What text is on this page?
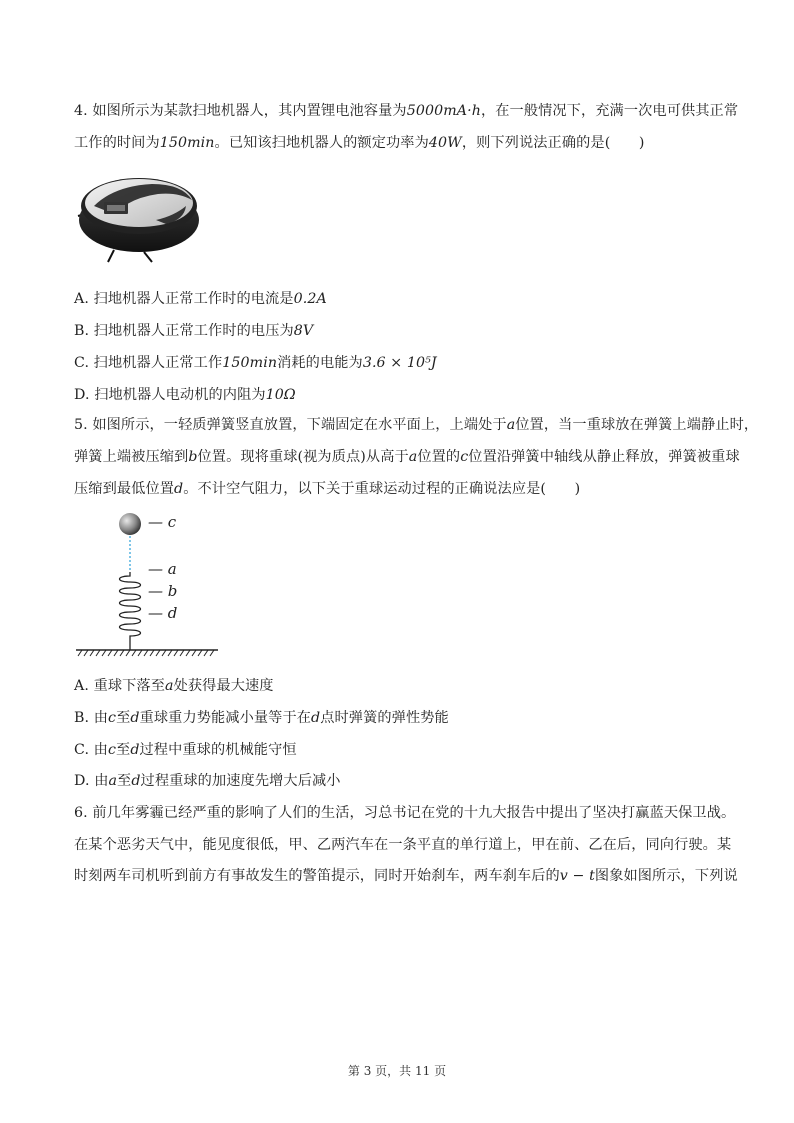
4. 如图所示为某款扫地机器人，其内置锂电池容量为5000mA·h，在一般情况下，充满一次电可供其正常
工作的时间为150min。已知该扫地机器人的额定功率为40W，则下列说法正确的是(　　)
A. 扫地机器人正常工作时的电流是0.2A
B. 扫地机器人正常工作时的电压为8V
C. 扫地机器人正常工作150min消耗的电能为3.6 × 10⁵J
D. 扫地机器人电动机的内阻为10Ω
5. 如图所示，一轻质弹簧竖直放置，下端固定在水平面上，上端处于a位置，当一重球放在弹簧上端静止时，
弹簧上端被压缩到b位置。现将重球(视为质点)从高于a位置的c位置沿弹簧中轴线从静止释放，弹簧被重球
压缩到最低位置d。不计空气阻力，以下关于重球运动过程的正确说法应是(　　)
— c
— a
— b
— d
A. 重球下落至a处获得最大速度
B. 由c至d重球重力势能减小量等于在d点时弹簧的弹性势能
C. 由c至d过程中重球的机械能守恒
D. 由a至d过程重球的加速度先增大后减小
6. 前几年雾霾已经严重的影响了人们的生活，习总书记在党的十九大报告中提出了坚决打赢蓝天保卫战。
在某个恶劣天气中，能见度很低，甲、乙两汽车在一条平直的单行道上，甲在前、乙在后，同向行驶。某
时刻两车司机听到前方有事故发生的警笛提示，同时开始刹车，两车刹车后的v − t图象如图所示，下列说
第 3 页，共 11 页
